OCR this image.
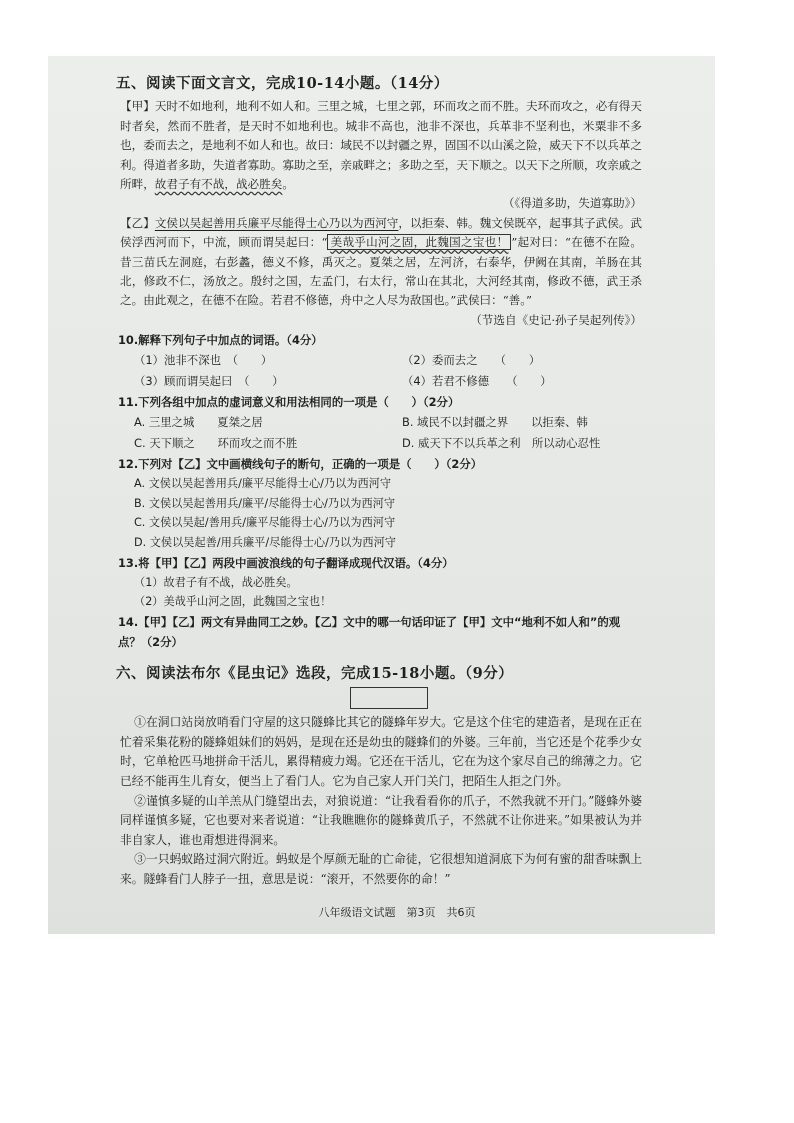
五、阅读下面文言文，完成10-14小题。（14分）
【甲】天时不如地利，地利不如人和。三里之城，七里之郭，环而攻之而不胜。夫环而攻之，必有得天时者矣，然而不胜者，是天时不如地利也。城非不高也，池非不深也，兵革非不坚利也，米粟非不多也，委而去之，是地利不如人和也。故曰：域民不以封疆之界，固国不以山溪之险，威天下不以兵革之利。得道者多助，失道者寡助。寡助之至，亲戚畔之；多助之至，天下顺之。以天下之所顺，攻亲戚之所畔，故君子有不战，战必胜矣。
（《得道多助，失道寡助》）
【乙】文侯以吴起善用兵廉平尽能得士心乃以为西河守，以拒秦、韩。魏文侯既卒，起事其子武侯。武侯浮西河而下，中流，顾而谓吴起曰：“ 美哉乎山河之固，此魏国之宝也！ ”起对曰：“在德不在险。昔三苗氏左洞庭，右彭蠡，德义不修，禹灭之。夏桀之居，左河济，右泰华，伊阙在其南，羊肠在其北，修政不仁，汤放之。殷纣之国，左孟门，右太行，常山在其北，大河经其南，修政不德，武王杀之。由此观之，在德不在险。若君不修德，舟中之人尽为敌国也。”武侯曰：“善。”
（节选自《史记·孙子吴起列传》）
10.解释下列句子中加点的词语。（4分）
（1）池非不深也　（　　）	（2）委而去之　　（　　）
（3）顾而谓吴起曰　（　　）	（4）若君不修德　　（　　）
11.下列各组中加点的虚词意义和用法相同的一项是（　　）（2分）
A. 三里之城　　夏桀之居	B. 域民不以封疆之界　　以拒秦、韩
C. 天下顺之　　环而攻之而不胜	D. 威天下不以兵革之利　所以动心忍性
12.下列对【乙】文中画横线句子的断句，正确的一项是（　　）（2分）
A. 文侯以吴起善用兵/廉平尽能得士心/乃以为西河守
B. 文侯以吴起善用兵/廉平/尽能得士心/乃以为西河守
C. 文侯以吴起/善用兵/廉平尽能得士心/乃以为西河守
D. 文侯以吴起善/用兵廉平/尽能得士心/乃以为西河守
13.将【甲】【乙】两段中画波浪线的句子翻译成现代汉语。（4分）
（1）故君子有不战，战必胜矣。
（2）美哉乎山河之固，此魏国之宝也！
14.【甲】【乙】两文有异曲同工之妙。【乙】文中的哪一句话印证了【甲】文中“地利不如人和”的观点？（2分）
六、阅读法布尔《昆虫记》选段，完成15-18小题。（9分）
①在洞口站岗放哨看门守屋的这只隧蜂比其它的隧蜂年岁大。它是这个住宅的建造者，是现在正在忙着采集花粉的隧蜂姐妹们的妈妈，是现在还是幼虫的隧蜂们的外婆。三年前，当它还是个花季少女时，它单枪匹马地拼命干活儿，累得精疲力竭。它还在干活儿，它在为这个家尽自己的绵薄之力。它已经不能再生儿育女，便当上了看门人。它为自己家人开门关门，把陌生人拒之门外。
②谨慎多疑的山羊羔从门缝望出去，对狼说道：“让我看看你的爪子，不然我就不开门。”隧蜂外婆同样谨慎多疑，它也要对来者说道：“让我瞧瞧你的隧蜂黄爪子，不然就不让你进来。”如果被认为并非自家人，谁也甭想进得洞来。
③一只蚂蚁路过洞穴附近。蚂蚁是个厚颜无耻的亡命徒，它很想知道洞底下为何有蜜的甜香味飘上来。隧蜂看门人脖子一扭，意思是说：“滚开，不然要你的命！”
八年级语文试题　第3页　共6页
